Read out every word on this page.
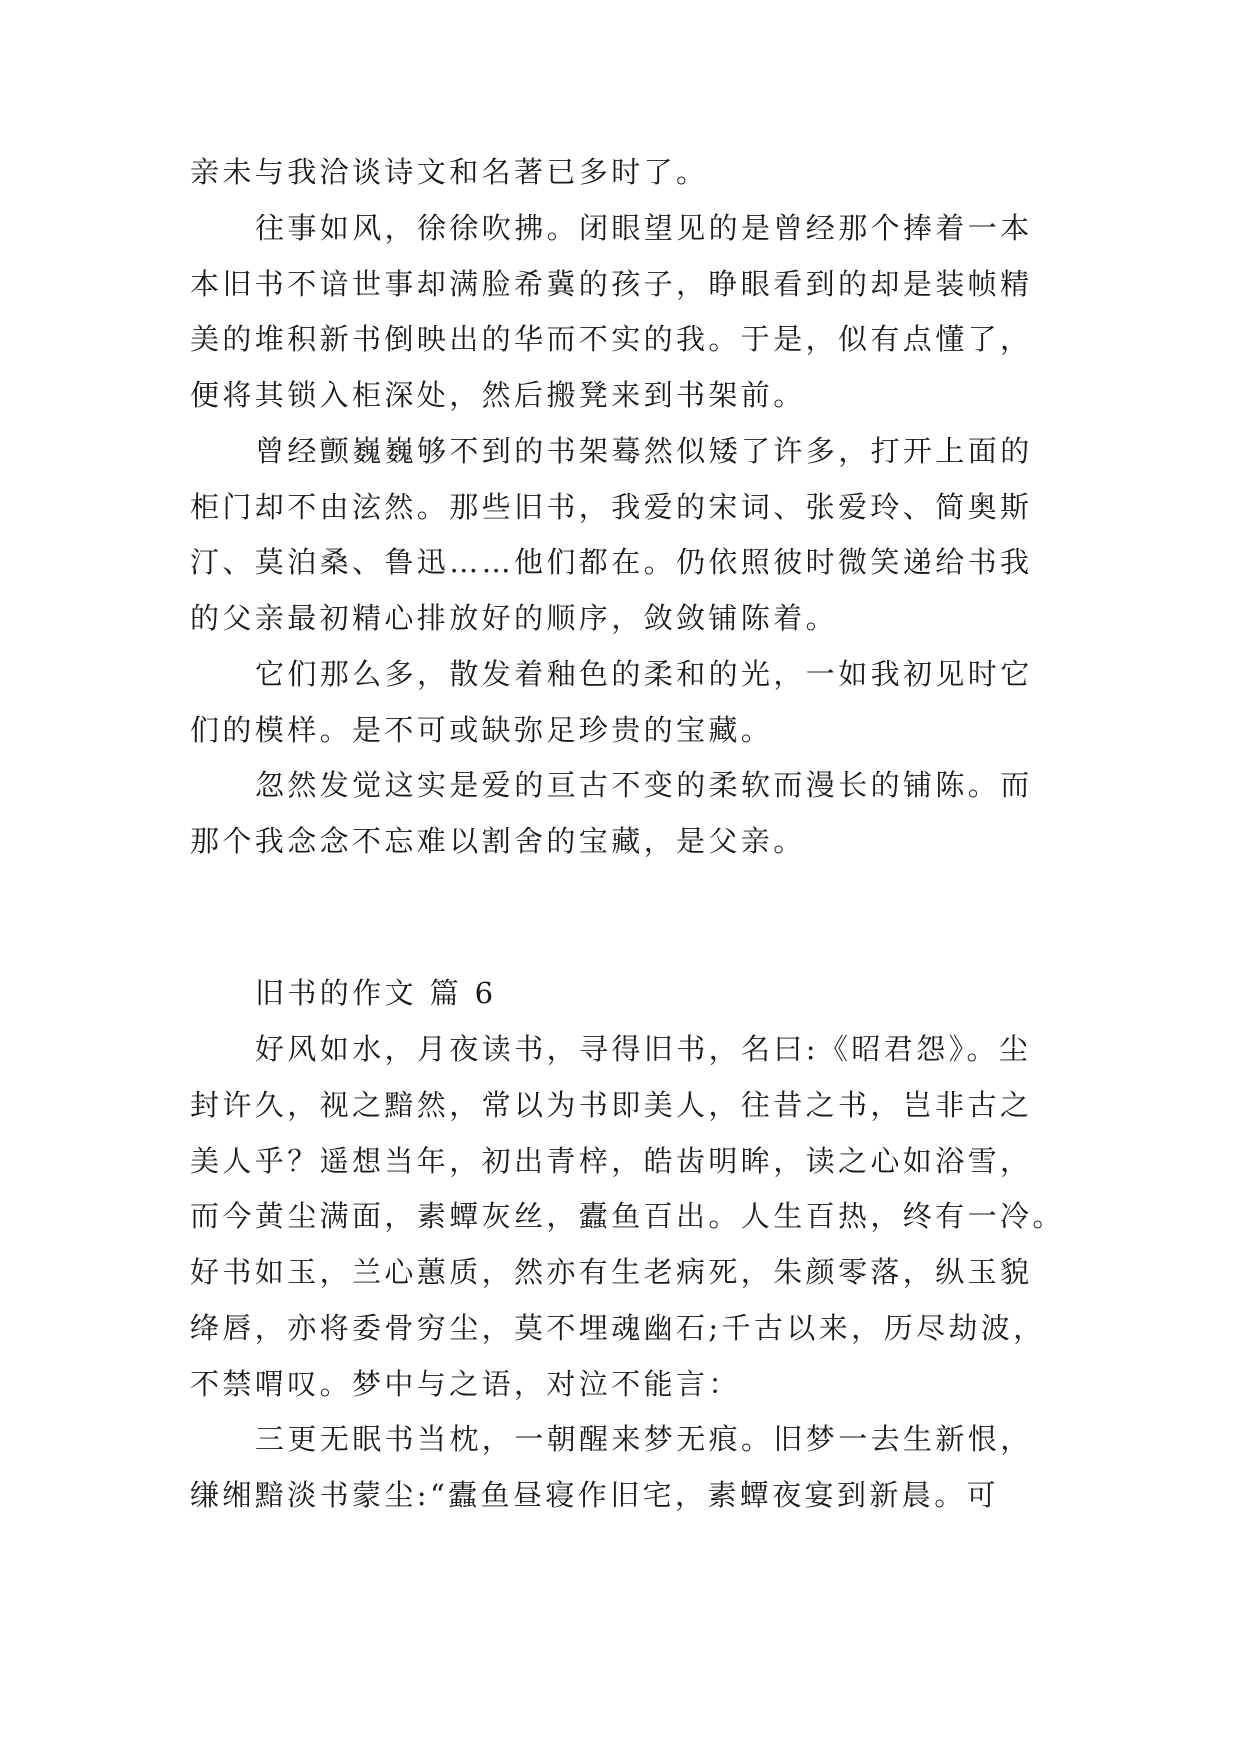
亲未与我洽谈诗文和名著已多时了。
往事如风，徐徐吹拂。闭眼望见的是曾经那个捧着一本
本旧书不谙世事却满脸希冀的孩子，睁眼看到的却是装帧精
美的堆积新书倒映出的华而不实的我。于是，似有点懂了，
便将其锁入柜深处，然后搬凳来到书架前。
曾经颤巍巍够不到的书架蓦然似矮了许多，打开上面的
柜门却不由泫然。那些旧书，我爱的宋词、张爱玲、简奥斯
汀、莫泊桑、鲁迅……他们都在。仍依照彼时微笑递给书我
的父亲最初精心排放好的顺序，敛敛铺陈着。
它们那么多，散发着釉色的柔和的光，一如我初见时它
们的模样。是不可或缺弥足珍贵的宝藏。
忽然发觉这实是爱的亘古不变的柔软而漫长的铺陈。而
那个我念念不忘难以割舍的宝藏，是父亲。
旧书的作文 篇 6
好风如水，月夜读书，寻得旧书，名曰:《昭君怨》。尘
封许久，视之黯然，常以为书即美人，往昔之书，岂非古之
美人乎？遥想当年，初出青梓，皓齿明眸，读之心如浴雪，
而今黄尘满面，素蟫灰丝，蠹鱼百出。人生百热，终有一冷。
好书如玉，兰心蕙质，然亦有生老病死，朱颜零落，纵玉貌
绛唇，亦将委骨穷尘，莫不埋魂幽石;千古以来，历尽劫波，
不禁喟叹。梦中与之语，对泣不能言：
三更无眠书当枕，一朝醒来梦无痕。旧梦一去生新恨，
缣缃黯淡书蒙尘:“蠹鱼昼寝作旧宅，素蟫夜宴到新晨。可
